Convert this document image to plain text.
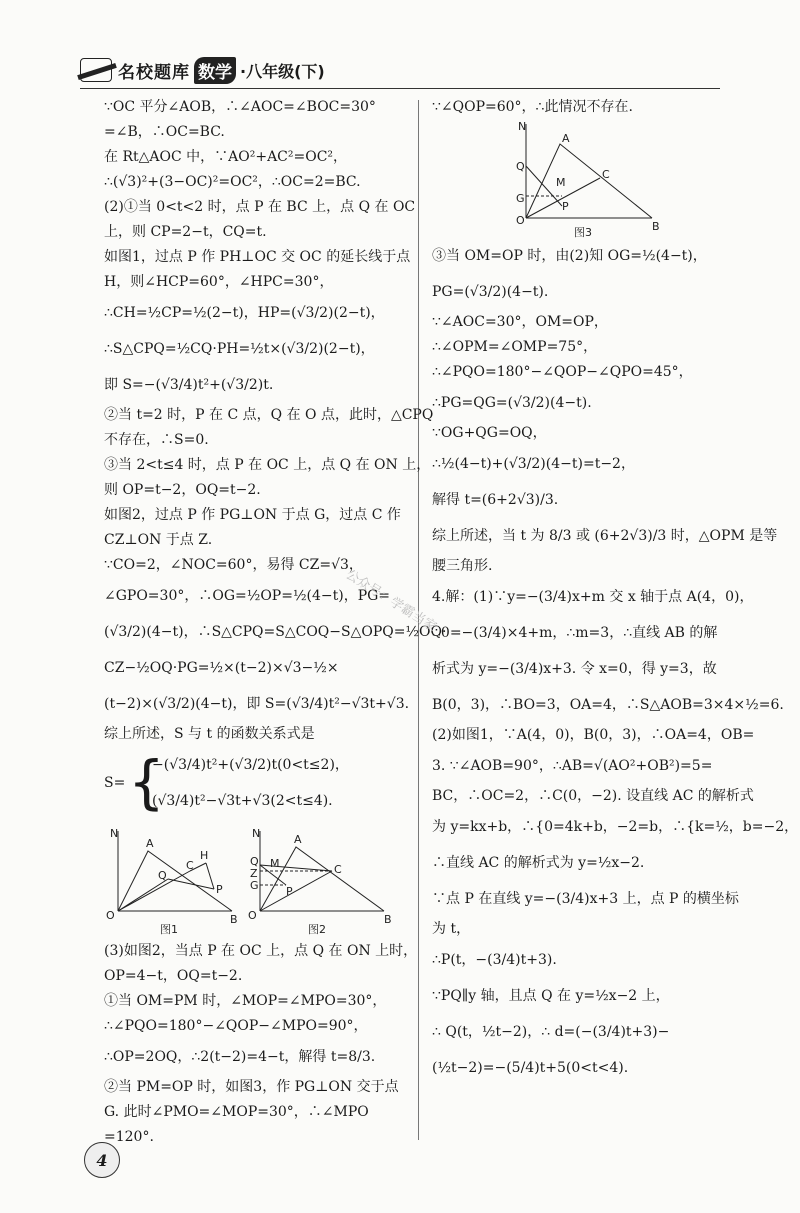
名校题库 数学 ·八年级(下)
∵OC 平分∠AOB，∴∠AOC=∠BOC=30°
=∠B，∴OC=BC.
在 Rt△AOC 中，∵AO²+AC²=OC²，
∴(√3)²+(3−OC)²=OC²，∴OC=2=BC.
(2)①当 0<t<2 时，点 P 在 BC 上，点 Q 在 OC
上，则 CP=2−t，CQ=t.
如图1，过点 P 作 PH⊥OC 交 OC 的延长线于点
H，则∠HCP=60°，∠HPC=30°，
∴CH=½CP=½(2−t)，HP=(√3/2)(2−t)，
∴S△CPQ=½CQ·PH=½t×(√3/2)(2−t)，
即 S=−(√3/4)t²+(√3/2)t.
②当 t=2 时，P 在 C 点，Q 在 O 点，此时，△CPQ
不存在，∴S=0.
③当 2<t≤4 时，点 P 在 OC 上，点 Q 在 ON 上，
则 OP=t−2，OQ=t−2.
如图2，过点 P 作 PG⊥ON 于点 G，过点 C 作
CZ⊥ON 于点 Z.
∵CO=2，∠NOC=60°，易得 CZ=√3，
∠GPO=30°，∴OG=½OP=½(4−t)，PG=
(√3/2)(4−t)，∴S△CPQ=S△COQ−S△OPQ=½OQ·
CZ−½OQ·PG=½×(t−2)×√3−½×
(t−2)×(√3/2)(4−t)，即 S=(√3/4)t²−√3t+√3.
综上所述，S 与 t 的函数关系式是
S= {
−(√3/4)t²+(√3/2)t(0<t≤2)，
(√3/4)t²−√3t+√3(2<t≤4).
N
A
H
C
Q
P
O	B
图1
N	A
Q M
Z	C
G P
O	B
图2
(3)如图2，当点 P 在 OC 上，点 Q 在 ON 上时，
OP=4−t，OQ=t−2.
①当 OM=PM 时，∠MOP=∠MPO=30°，
∴∠PQO=180°−∠QOP−∠MPO=90°，
∴OP=2OQ，∴2(t−2)=4−t，解得 t=8/3.
②当 PM=OP 时，如图3，作 PG⊥ON 交于点
G. 此时∠PMO=∠MOP=30°，∴∠MPO
=120°.
∵∠QOP=60°，∴此情况不存在.
N
A
Q
C
M
G
P
O	B
图3
③当 OM=OP 时，由(2)知 OG=½(4−t)，
PG=(√3/2)(4−t).
∵∠AOC=30°，OM=OP，
∴∠OPM=∠OMP=75°，
∴∠PQO=180°−∠QOP−∠QPO=45°，
∴PG=QG=(√3/2)(4−t).
∵OG+QG=OQ，
∴½(4−t)+(√3/2)(4−t)=t−2，
解得 t=(6+2√3)/3.
综上所述，当 t 为 8/3 或 (6+2√3)/3 时，△OPM 是等
腰三角形.
4.解：(1)∵y=−(3/4)x+m 交 x 轴于点 A(4，0)，
∴0=−(3/4)×4+m，∴m=3，∴直线 AB 的解
析式为 y=−(3/4)x+3. 令 x=0，得 y=3，故
B(0，3)，∴BO=3，OA=4，∴S△AOB=3×4×½=6.
(2)如图1，∵A(4，0)，B(0，3)，∴OA=4，OB=
3. ∵∠AOB=90°，∴AB=√(AO²+OB²)=5=
BC，∴OC=2，∴C(0，−2). 设直线 AC 的解析式
为 y=kx+b，∴{0=4k+b，−2=b，∴{k=½，b=−2，
∴直线 AC 的解析式为 y=½x−2.
∵点 P 在直线 y=−(3/4)x+3 上，点 P 的横坐标
为 t，
∴P(t，−(3/4)t+3).
∵PQ∥y 轴，且点 Q 在 y=½x−2 上，
∴ Q(t，½t−2)，∴ d=(−(3/4)t+3)−
(½t−2)=−(5/4)t+5(0<t<4).
公众号：学霸当家
4
